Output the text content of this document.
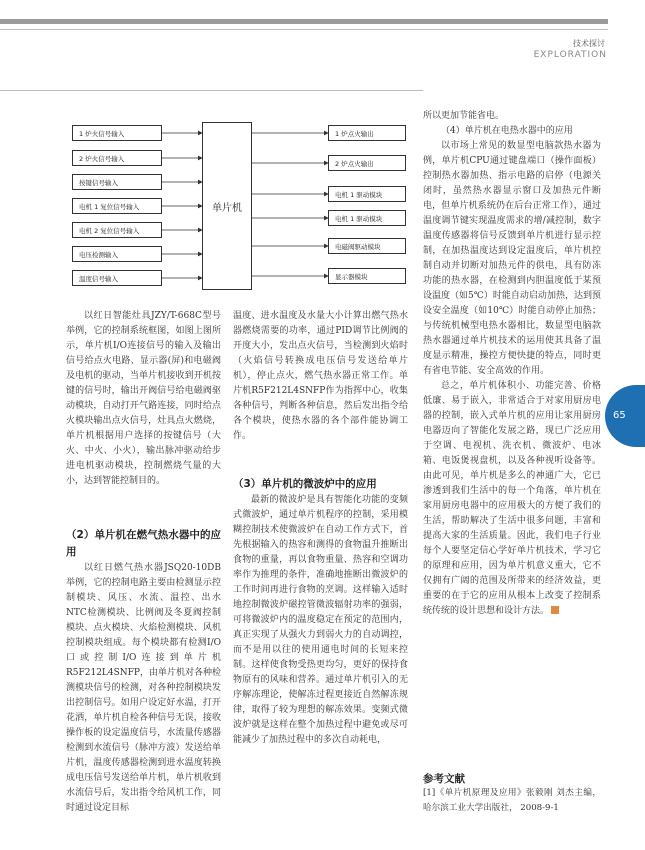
技术探讨
EXPLORATION
65
1 炉火信号输入
2 炉火信号输入
按键信号输入
电机 1 复位信号输入
电机 2 复位信号输入
电压检测输入
温度信号输入
单片机
1 炉点火输出
2 炉点火输出
电机 1 驱动模块
电机 1 驱动模块
电磁阀驱动模块
显示器模块

以红日智能灶具JZY/T-668C型号举例，它的控制系统框图，如图上图所示，单片机I/O连接信号的输入及输出信号给点火电路、显示器(屏)和电磁阀及电机的驱动，当单片机接收到开机按键的信号时，输出开阀信号给电磁阀驱动模块，自动打开气路连接，同时给点火模块输出点火信号，灶具点火燃烧，单片机根据用户选择的按键信号（大火、中火、小火），输出脉冲驱动给步进电机驱动模块，控制燃烧气量的大小，达到智能控制目的。

（2）单片机在燃气热水器中的应用

以红日燃气热水器JSQ20-10DB举例，它的控制电路主要由检测显示控制模块、风压、水流、温控、出水NTC检测模块、比例阀及冬夏阀控制模块、点火模块、火焰检测模块、风机控制模块组成。每个模块都有检测I/O口或控制I/O连接到单片机R5F212L4SNFP，由单片机对各种检测模块信号的检测，对各种控制模块发出控制信号。如用户设定好水温，打开花洒，单片机自检各种信号无误，接收操作板的设定温度信号，水流量传感器检测到水流信号（脉冲方波）发送给单片机，温度传感器检测到进水温度转换成电压信号发送给单片机，单片机收到水流信号后，发出指令给风机工作，同时通过设定目标

温度、进水温度及水量大小计算出燃气热水器燃烧需要的功率，通过PID调节比例阀的开度大小，发出点火信号，当检测到火焰时（火焰信号转换成电压信号发送给单片机），停止点火，燃气热水器正常工作。单片机R5F212L4SNFP作为指挥中心，收集各种信号，判断各种信息，然后发出指令给各个模块，使热水器的各个部件能协调工作。

（3）单片机的微波炉中的应用

最新的微波炉是具有智能化功能的变频式微波炉，通过单片机程序的控制，采用模糊控制技术使微波炉在自动工作方式下，首先根据输入的热容和测得的食物温升推断出食物的重量，再以食物重量、热容和空调功率作为推理的条件，准确地推断出微波炉的工作时间再进行食物的烹调。这样输入适时地控制微波炉磁控管微波辐射功率的强弱，可将微波炉内的温度稳定在预定的范围内，真正实现了从强火力到弱火力的自动调控，而不是用以往的使用通电时间的长短来控制。这样使食物受热更均匀，更好的保持食物原有的风味和营养。通过单片机引入的无序解冻理论，使解冻过程更接近自然解冻规律，取得了较为理想的解冻效果。变频式微波炉就是这样在整个加热过程中避免或尽可能减少了加热过程中的多次自动耗电，

所以更加节能省电。

（4）单片机在电热水器中的应用

以市场上常见的数显型电脑款热水器为例，单片机CPU通过键盘端口（操作面板）控制热水器加热、指示电路的启停（电源关闭时，虽然热水器显示窗口及加热元件断电，但单片机系统仍在后台正常工作），通过温度调节键实现温度需求的增/减控制，数字温度传感器将信号反馈到单片机进行显示控制，在加热温度达到设定温度后，单片机控制自动并切断对加热元件的供电，具有防冻功能的热水器，在检测到内胆温度低于某预设温度（如5℃）时能自动启动加热，达到预设安全温度（如10℃）时能自动停止加热；与传统机械型电热水器相比，数显型电脑款热水器通过单片机技术的运用使其具备了温度显示精准，操控方便快捷的特点，同时更有省电节能、安全高效的作用。

总之，单片机体积小、功能完善、价格低廉、易于嵌入，非常适合于对家用厨房电器的控制，嵌入式单片机的应用让家用厨房电器迈向了智能化发展之路，现已广泛应用于空调、电视机、洗衣机、微波炉、电冰箱、电饭煲视盘机，以及各种视听设备等。由此可见，单片机是多么的神通广大，它已渗透到我们生活中的每一个角落，单片机在家用厨房电器中的应用极大的方便了我们的生活，帮助解决了生活中很多问题，丰富和提高大家的生活质量。因此，我们电子行业每个人要坚定信心学好单片机技术，学习它的原理和应用，因为单片机意义重大，它不仅拥有广阔的范围及所带来的经济效益，更重要的在于它的应用从根本上改变了控制系统传统的设计思想和设计方法。

参考文献
[1]《单片机原理及应用》张毅刚 刘杰主编， 哈尔滨工业大学出版社， 2008-9-1
